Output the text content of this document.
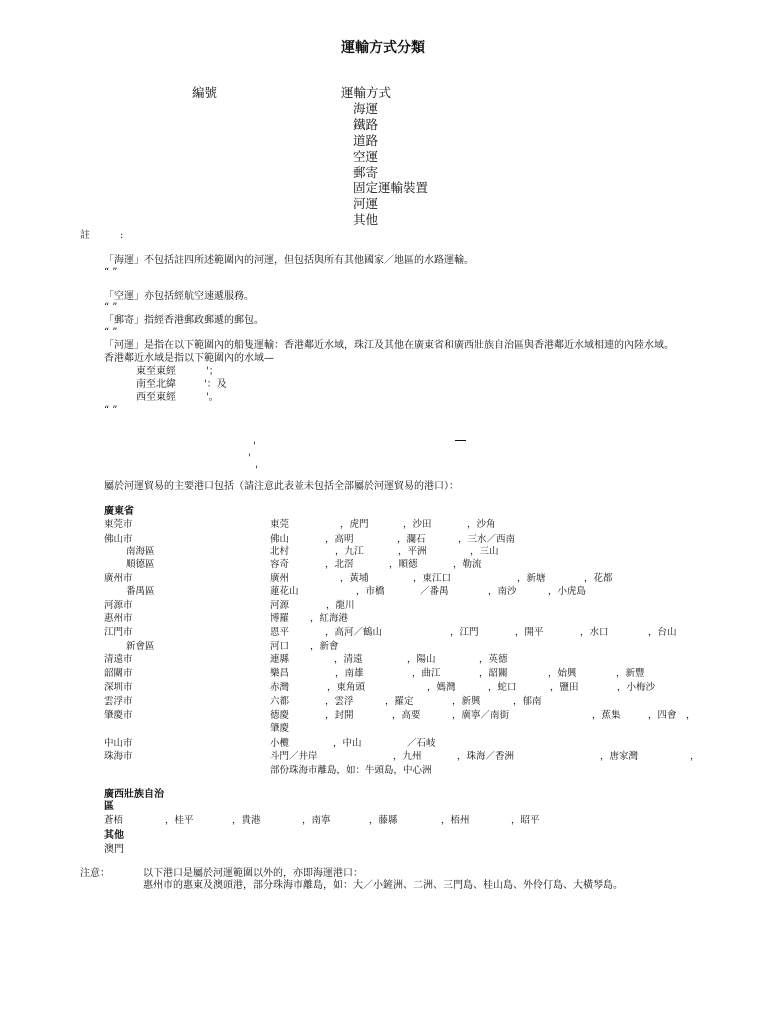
運輸方式分類
編號	運輸方式
海運
鐵路
道路
空運
郵寄
固定運輸裝置
河運
其他
註	:
「海運」不包括註四所述範圍內的河運，但包括與所有其他國家／地區的水路運輸。
“ ”
「空運」亦包括經航空速遞服務。
“ ”
「郵寄」指經香港郵政郵遞的郵包。
“ ”
「河運」是指在以下範圍內的船隻運輸：香港鄰近水域，珠江及其他在廣東省和廣西壯族自治區與香港鄰近水域相連的內陸水域。
香港鄰近水域是指以下範圍內的水域—
東至東經	'；
南至北緯	'：及
西至東經	'。
“ ”
'
'
'
屬於河運貿易的主要港口包括（請注意此表並未包括全部屬於河運貿易的港口）：
廣東省
東莞市	東莞	，虎門	，沙田	，沙角
佛山市	佛山	，高明	，瀾石	，三水／西南
南海區	北村	，九江	，平洲	，三山
順德區	容奇	，北滘	，順德	，勒流
廣州市	廣州	，黃埔	，東江口	，新塘	，花都
番禺區	蓮花山	，市橋	／番禺	，南沙	，小虎島
河源市	河源	，龍川
惠州市	博羅 ，紅海港
江門市	恩平	，高河／鶴山	，江門	，開平	，水口	，台山
新會區	河口 ，新會
清遠市	連縣	，清遠	，陽山	，英德
韶關市	樂昌	，南雄	，曲江	，韶關	，始興	，新豐
深圳市	赤灣	，東角頭	，媽灣	，蛇口	，鹽田	，小梅沙
雲浮市	六都	，雲浮	，羅定	，新興	，郁南
肇慶市	德慶	，封開	，高要	，廣寧／南街	，蕉集	，四會 ，
肇慶
中山市	小欖	，中山	／石岐
珠海市	斗門／井岸	，九州	，珠海／香洲	，唐家灣	，
部份珠海市離島，如：牛頭島，中心洲
廣西壯族自治
區
蒼梧	，桂平	，貴港	，南寧	，藤縣	，梧州	，昭平
其他
澳門
注意：	以下港口是屬於河運範圍以外的，亦即海運港口：
惠州市的惠東及澳頭港，部分珠海市離島，如：大／小鏟洲、二洲、三門島、桂山島、外伶仃島、大橫琴島。
